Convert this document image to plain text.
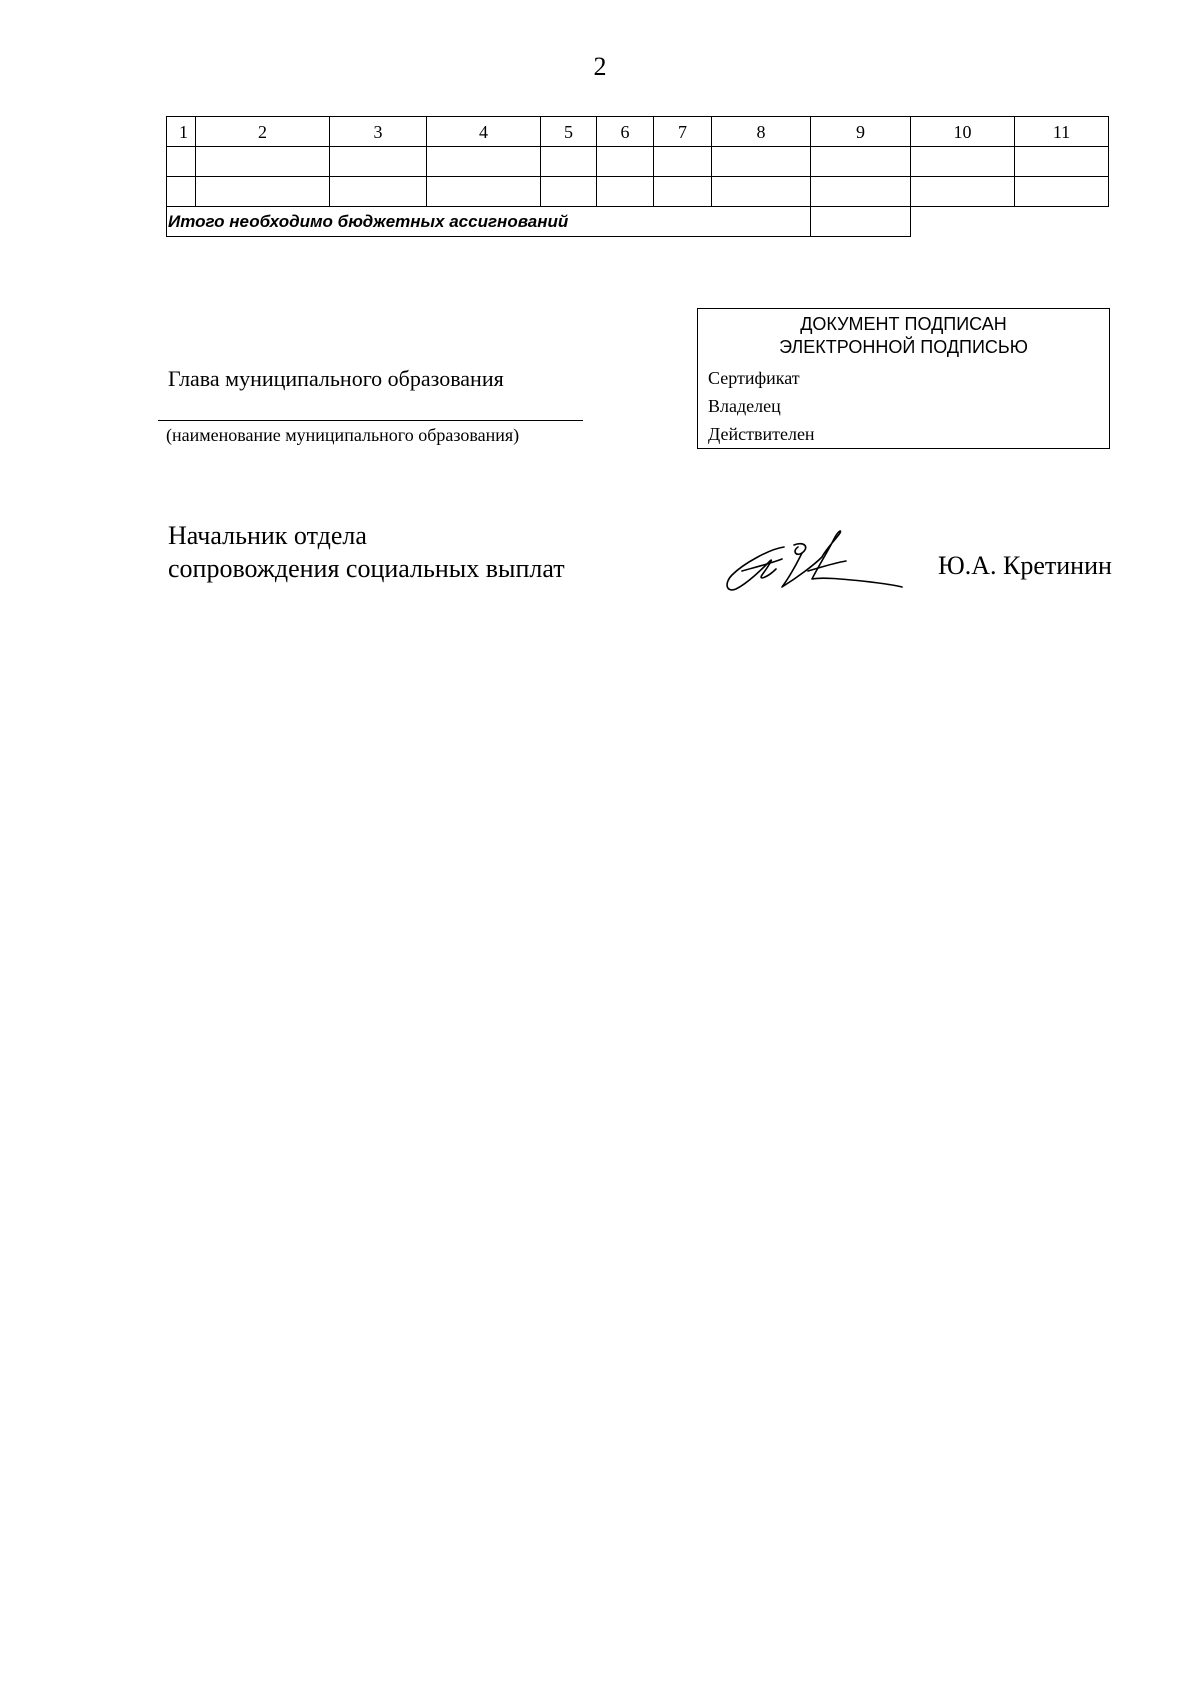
2
1	2	3	4	5	6	7	8	9	10	11

Итого необходимо бюджетных ассигнований										
Глава муниципального образования
(наименование муниципального образования)
ДОКУМЕНТ ПОДПИСАН
ЭЛЕКТРОННОЙ ПОДПИСЬЮ
Сертификат
Владелец
Действителен
Начальник отдела
сопровождения социальных выплат	Ю.А. Кретинин
